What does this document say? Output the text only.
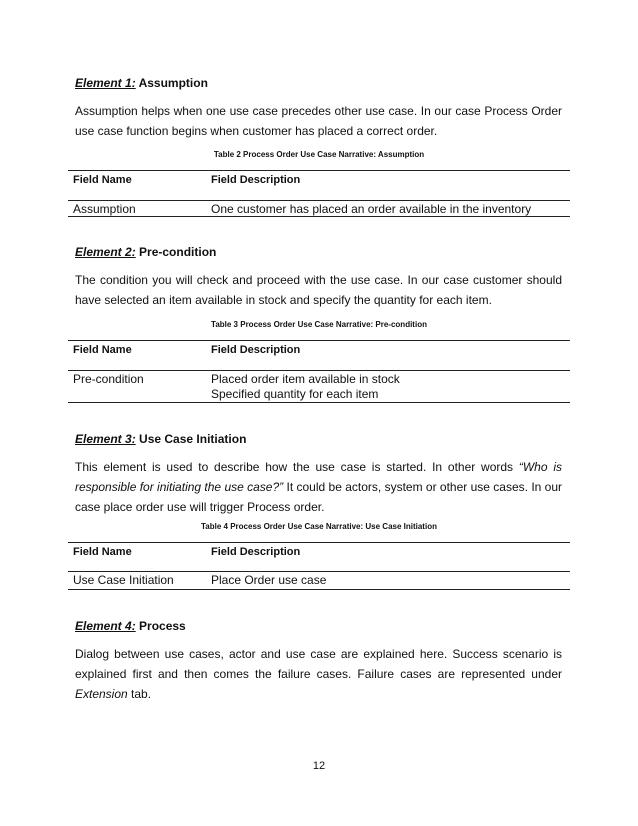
Element 1: Assumption
Assumption helps when one use case precedes other use case. In our case Process Order use case function begins when customer has placed a correct order.
Table 2 Process Order Use Case Narrative: Assumption
Field Name	Field Description
Assumption	One customer has placed an order available in the inventory
Element 2: Pre-condition
The condition you will check and proceed with the use case. In our case customer should have selected an item available in stock and specify the quantity for each item.
Table 3 Process Order Use Case Narrative: Pre-condition
Field Name	Field Description
Pre-condition	Placed order item available in stock
Specified quantity for each item
Element 3: Use Case Initiation
This element is used to describe how the use case is started. In other words “Who is responsible for initiating the use case?” It could be actors, system or other use cases. In our case place order use will trigger Process order.
Table 4 Process Order Use Case Narrative: Use Case Initiation
Field Name	Field Description
Use Case Initiation	Place Order use case
Element 4: Process
Dialog between use cases, actor and use case are explained here. Success scenario is explained first and then comes the failure cases. Failure cases are represented under Extension tab.
12
